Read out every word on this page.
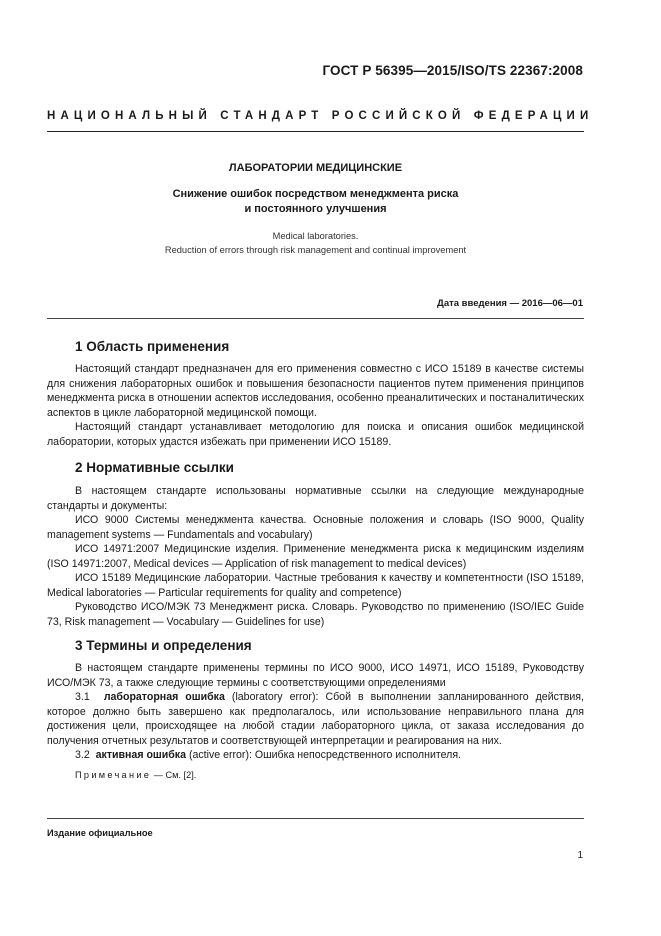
ГОСТ Р 56395—2015/ISO/TS 22367:2008
НАЦИОНАЛЬНЫЙ СТАНДАРТ РОССИЙСКОЙ ФЕДЕРАЦИИ
ЛАБОРАТОРИИ МЕДИЦИНСКИЕ
Снижение ошибок посредством менеджмента риска
и постоянного улучшения
Medical laboratories.
Reduction of errors through risk management and continual improvement
Дата введения — 2016—06—01
1 Область применения

Настоящий стандарт предназначен для его применения совместно с ИСО 15189 в качестве системы для снижения лабораторных ошибок и повышения безопасности пациентов путем применения принципов менеджмента риска в отношении аспектов исследования, особенно преаналитических и постаналитических аспектов в цикле лабораторной медицинской помощи.

Настоящий стандарт устанавливает методологию для поиска и описания ошибок медицинской лаборатории, которых удастся избежать при применении ИСО 15189.

2 Нормативные ссылки

В настоящем стандарте использованы нормативные ссылки на следующие международные стандарты и документы:

ИСО 9000 Системы менеджмента качества. Основные положения и словарь (ISO 9000, Quality management systems — Fundamentals and vocabulary)

ИСО 14971:2007 Медицинские изделия. Применение менеджмента риска к медицинским изделиям (ISO 14971:2007, Medical devices — Application of risk management to medical devices)

ИСО 15189 Медицинские лаборатории. Частные требования к качеству и компетентности (ISO 15189, Medical laboratories — Particular requirements for quality and competence)

Руководство ИСО/МЭК 73 Менеджмент риска. Словарь. Руководство по применению (ISO/IEC Guide 73, Risk management — Vocabulary — Guidelines for use)

3 Термины и определения

В настоящем стандарте применены термины по ИСО 9000, ИСО 14971, ИСО 15189, Руководству ИСО/МЭК 73, а также следующие термины с соответствующими определениями

3.1 лабораторная ошибка (laboratory error): Сбой в выполнении запланированного действия, которое должно быть завершено как предполагалось, или использование неправильного плана для достижения цели, происходящее на любой стадии лабораторного цикла, от заказа исследования до получения отчетных результатов и соответствующей интерпретации и реагирования на них.

3.2 активная ошибка (active error): Ошибка непосредственного исполнителя.

Примечание — См. [2].
Издание официальное
1
